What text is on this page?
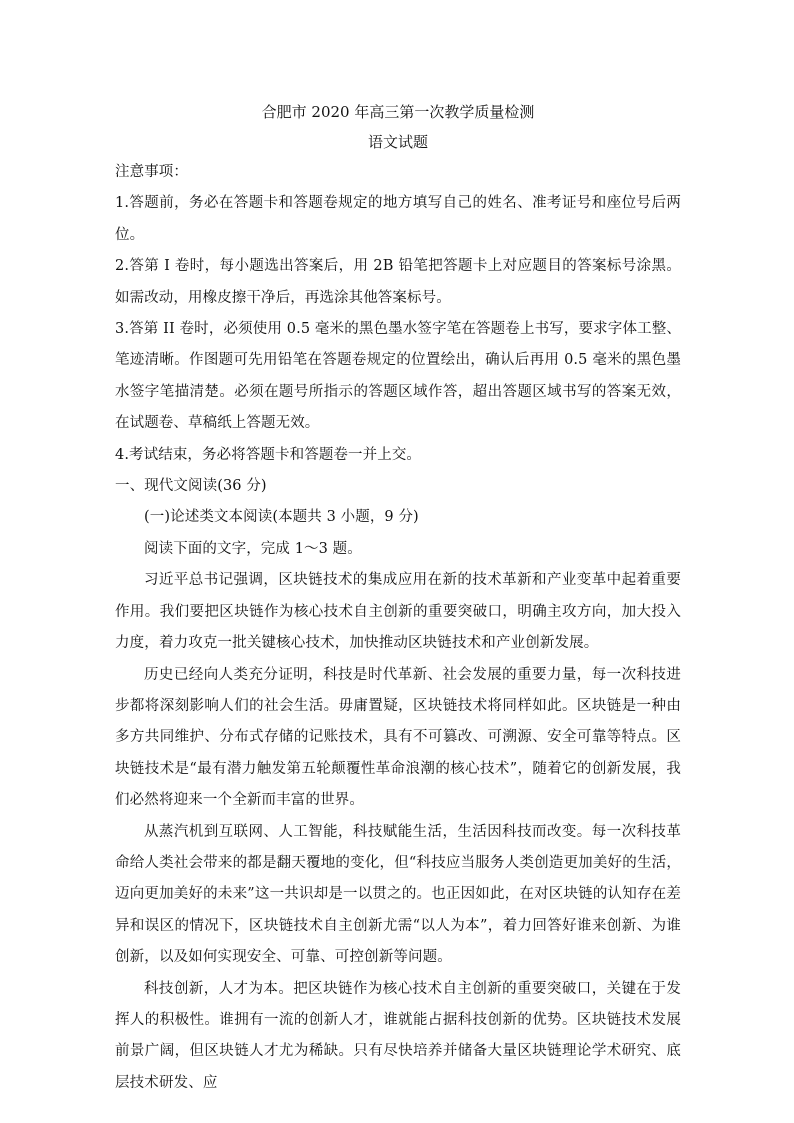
合肥市 2020 年高三第一次教学质量检测

语文试题

注意事项：

1.答题前，务必在答题卡和答题卷规定的地方填写自己的姓名、准考证号和座位号后两位。

2.答第 I 卷时，每小题选出答案后，用 2B 铅笔把答题卡上对应题目的答案标号涂黑。如需改动，用橡皮擦干净后，再选涂其他答案标号。

3.答第 II 卷时，必须使用 0.5 毫米的黑色墨水签字笔在答题卷上书写，要求字体工整、笔迹清晰。作图题可先用铅笔在答题卷规定的位置绘出，确认后再用 0.5 毫米的黑色墨水签字笔描清楚。必须在题号所指示的答题区域作答，超出答题区域书写的答案无效，在试题卷、草稿纸上答题无效。

4.考试结束，务必将答题卡和答题卷一并上交。

一、现代文阅读(36 分)

(一)论述类文本阅读(本题共 3 小题，9 分)

阅读下面的文字，完成 1～3 题。

习近平总书记强调，区块链技术的集成应用在新的技术革新和产业变革中起着重要作用。我们要把区块链作为核心技术自主创新的重要突破口，明确主攻方向，加大投入力度，着力攻克一批关键核心技术，加快推动区块链技术和产业创新发展。

历史已经向人类充分证明，科技是时代革新、社会发展的重要力量，每一次科技进步都将深刻影响人们的社会生活。毋庸置疑，区块链技术将同样如此。区块链是一种由多方共同维护、分布式存储的记账技术，具有不可篡改、可溯源、安全可靠等特点。区块链技术是“最有潜力触发第五轮颠覆性革命浪潮的核心技术”，随着它的创新发展，我们必然将迎来一个全新而丰富的世界。

从蒸汽机到互联网、人工智能，科技赋能生活，生活因科技而改变。每一次科技革命给人类社会带来的都是翻天覆地的变化，但“科技应当服务人类创造更加美好的生活，迈向更加美好的未来”这一共识却是一以贯之的。也正因如此，在对区块链的认知存在差异和误区的情况下，区块链技术自主创新尤需“以人为本”，着力回答好谁来创新、为谁创新，以及如何实现安全、可靠、可控创新等问题。

科技创新，人才为本。把区块链作为核心技术自主创新的重要突破口，关键在于发挥人的积极性。谁拥有一流的创新人才，谁就能占据科技创新的优势。区块链技术发展前景广阔，但区块链人才尤为稀缺。只有尽快培养并储备大量区块链理论学术研究、底层技术研发、应
